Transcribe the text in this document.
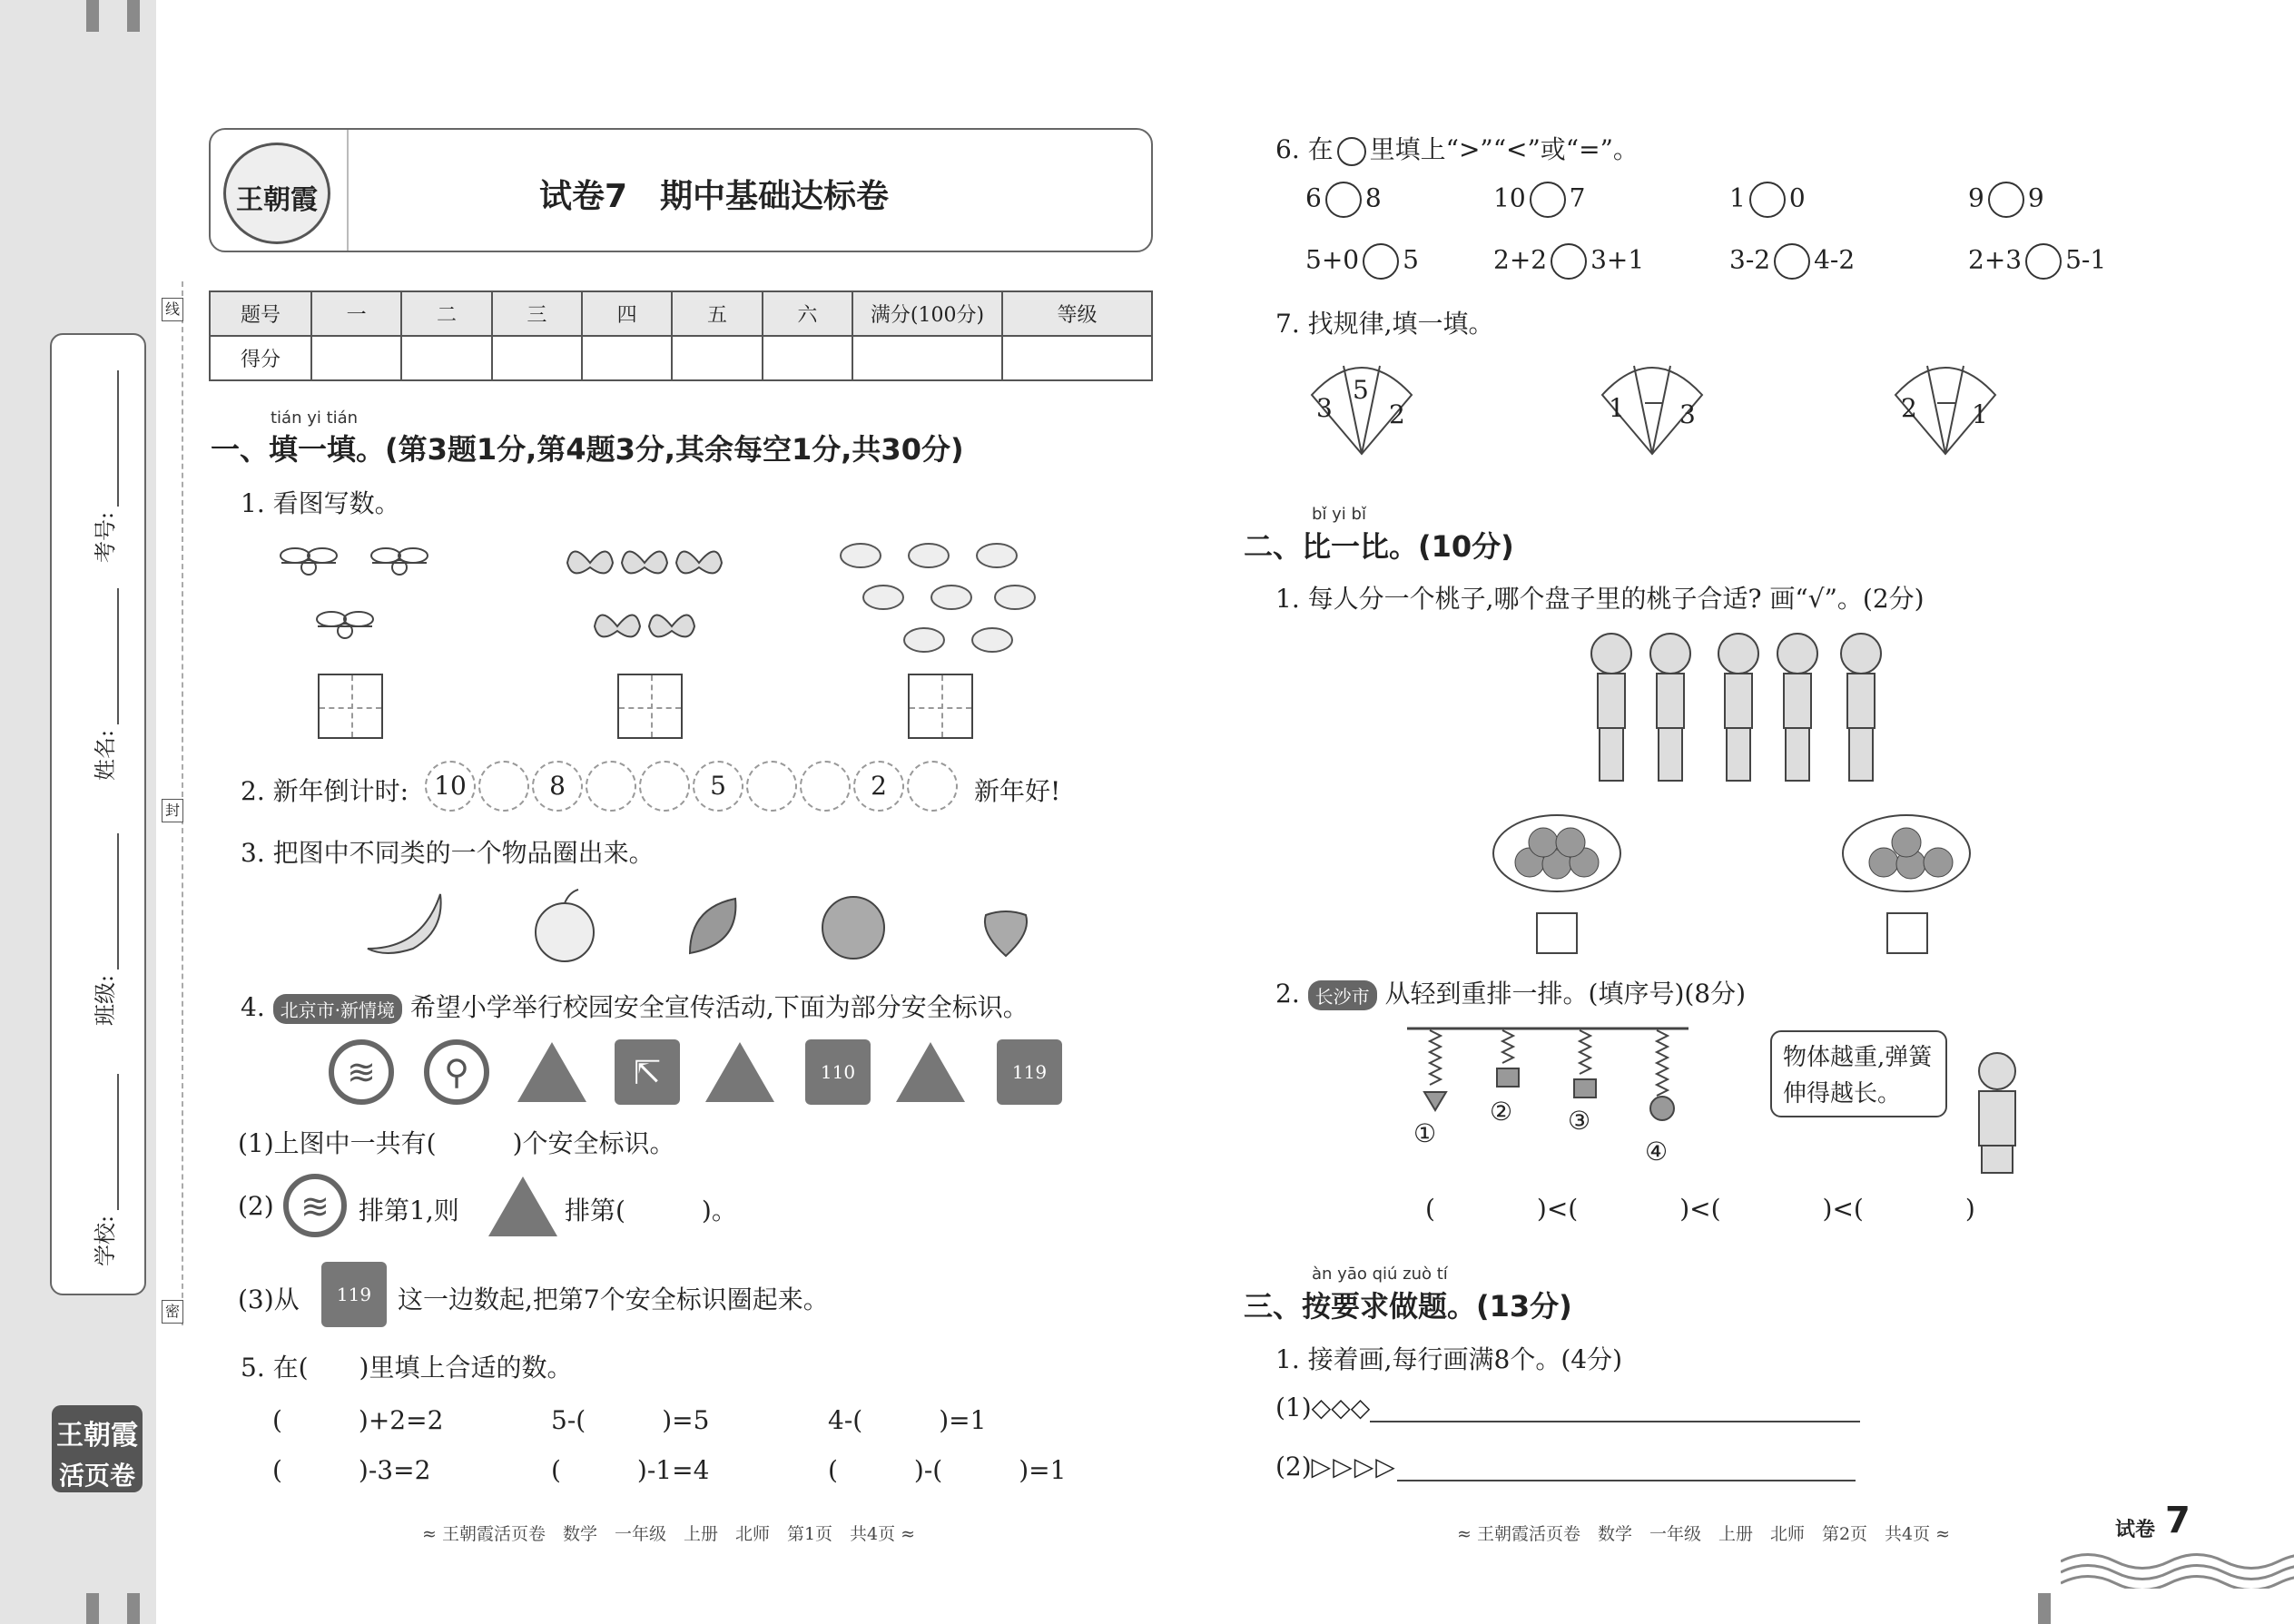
线
封
密
学校:
班级:
姓名:
考号:
王朝霞
活页卷
王朝霞	试卷7　期中基础达标卷
题号	一	二	三	四	五	六	满分(100分)	等级
得分								
tián yi tián
一、填一填。(第3题1分,第4题3分,其余每空1分,共30分)
1. 看图写数。
2. 新年倒计时:	10	8	5	2	新年好!
3. 把图中不同类的一个物品圈出来。
4. 北京市·新情境 希望小学举行校园安全宣传活动,下面为部分安全标识。
≋	⚲	⇱	110	119
(1)上图中一共有(　　　)个安全标识。
(2) ≋	排第1,则	排第(　　　)。
(3)从	119	这一边数起,把第7个安全标识圈起来。
5. 在(　　)里填上合适的数。
(　　　)+2=2	5-(　　　)=5	4-(　　　)=1
(　　　)-3=2	(　　　)-1=4	(　　　)-(　　　)=1
≈ 王朝霞活页卷　数学　一年级　上册　北师　第1页　共4页 ≈
6. 在 里填上“>”“<”或“=”。
6 8	10 7	1 0	9 9
5+0 5	2+2 3+1	3-2 4-2	2+3 5-1
7. 找规律,填一填。
3
5
2	1 3	2 1
bǐ yi bǐ
二、比一比。(10分)
1. 每人分一个桃子,哪个盘子里的桃子合适? 画“√”。(2分)
2. 长沙市 从轻到重排一排。(填序号)(8分)
①
② ③
④
物体越重,弹簧伸得越长。
(　　　　)<(　　　　)<(　　　　)<(　　　　)
àn yāo qiú zuò tí
三、按要求做题。(13分)
1. 接着画,每行画满8个。(4分)
(1)◇◇◇
(2)▷▷▷▷
≈ 王朝霞活页卷　数学　一年级　上册　北师　第2页　共4页 ≈	试卷 7
